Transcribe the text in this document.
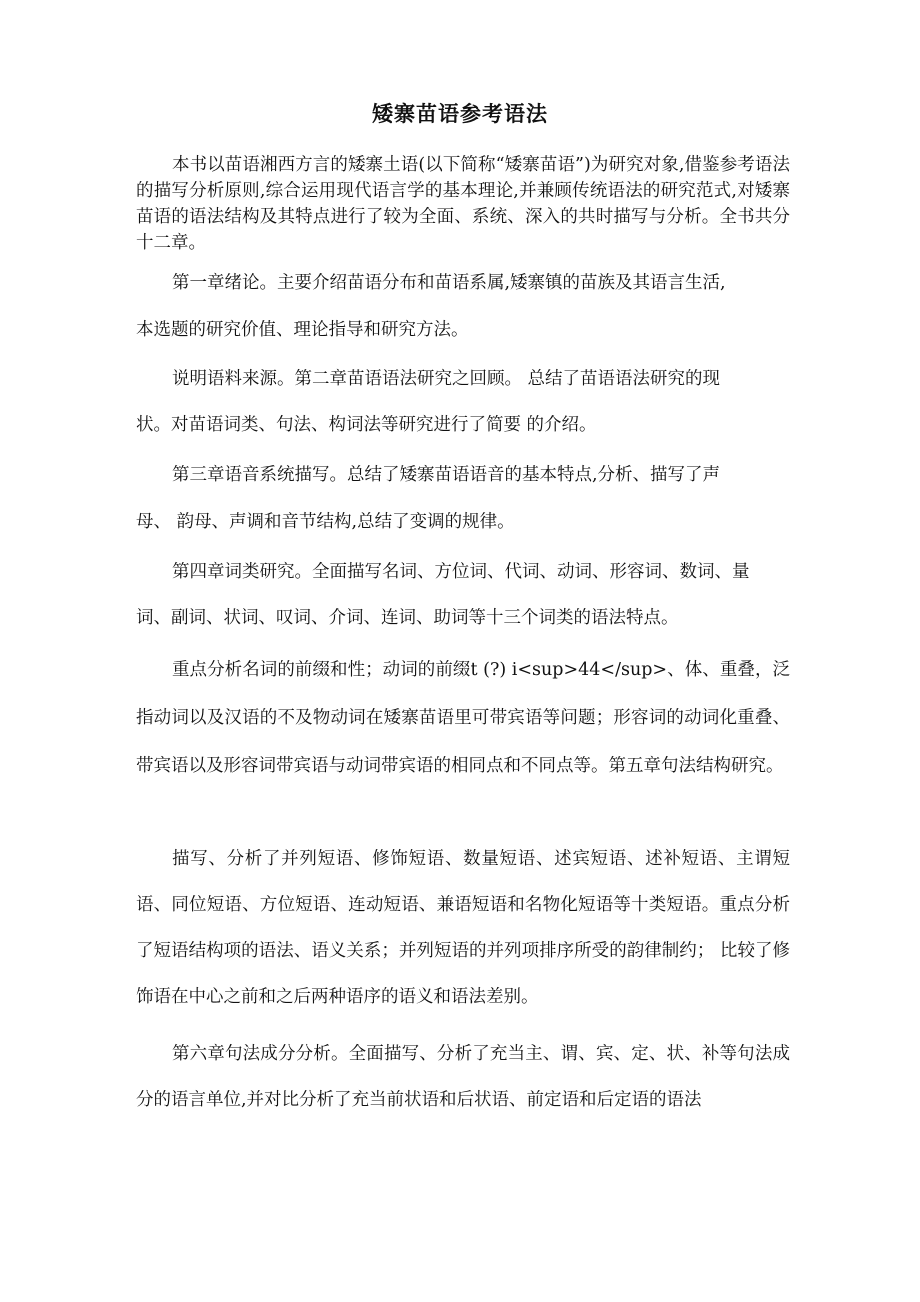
矮寨苗语参考语法

本书以苗语湘西方言的矮寨土语(以下简称“矮寨苗语”)为研究对象,借鉴参考语法的描写分析原则,综合运用现代语言学的基本理论,并兼顾传统语法的研究范式,对矮寨苗语的语法结构及其特点进行了较为全面、系统、深入的共时描写与分析。全书共分十二章。

第一章绪论。主要介绍苗语分布和苗语系属,矮寨镇的苗族及其语言生活,

本选题的研究价值、理论指导和研究方法。

说明语料来源。第二章苗语语法研究之回顾。 总结了苗语语法研究的现

状。对苗语词类、句法、构词法等研究进行了简要 的介绍。

第三章语音系统描写。总结了矮寨苗语语音的基本特点,分析、描写了声

母、 韵母、声调和音节结构,总结了变调的规律。

第四章词类研究。全面描写名词、方位词、代词、动词、形容词、数词、量

词、副词、状词、叹词、介词、连词、助词等十三个词类的语法特点。

重点分析名词的前缀和性；动词的前缀t (?) i<sup>44</sup>、体、重叠，泛指动词以及汉语的不及物动词在矮寨苗语里可带宾语等问题；形容词的动词化重叠、带宾语以及形容词带宾语与动词带宾语的相同点和不同点等。第五章句法结构研究。

描写、分析了并列短语、修饰短语、数量短语、述宾短语、述补短语、主谓短语、同位短语、方位短语、连动短语、兼语短语和名物化短语等十类短语。重点分析了短语结构项的语法、语义关系；并列短语的并列项排序所受的韵律制约； 比较了修饰语在中心之前和之后两种语序的语义和语法差别。

第六章句法成分分析。全面描写、分析了充当主、谓、宾、定、状、补等句法成分的语言单位,并对比分析了充当前状语和后状语、前定语和后定语的语法
